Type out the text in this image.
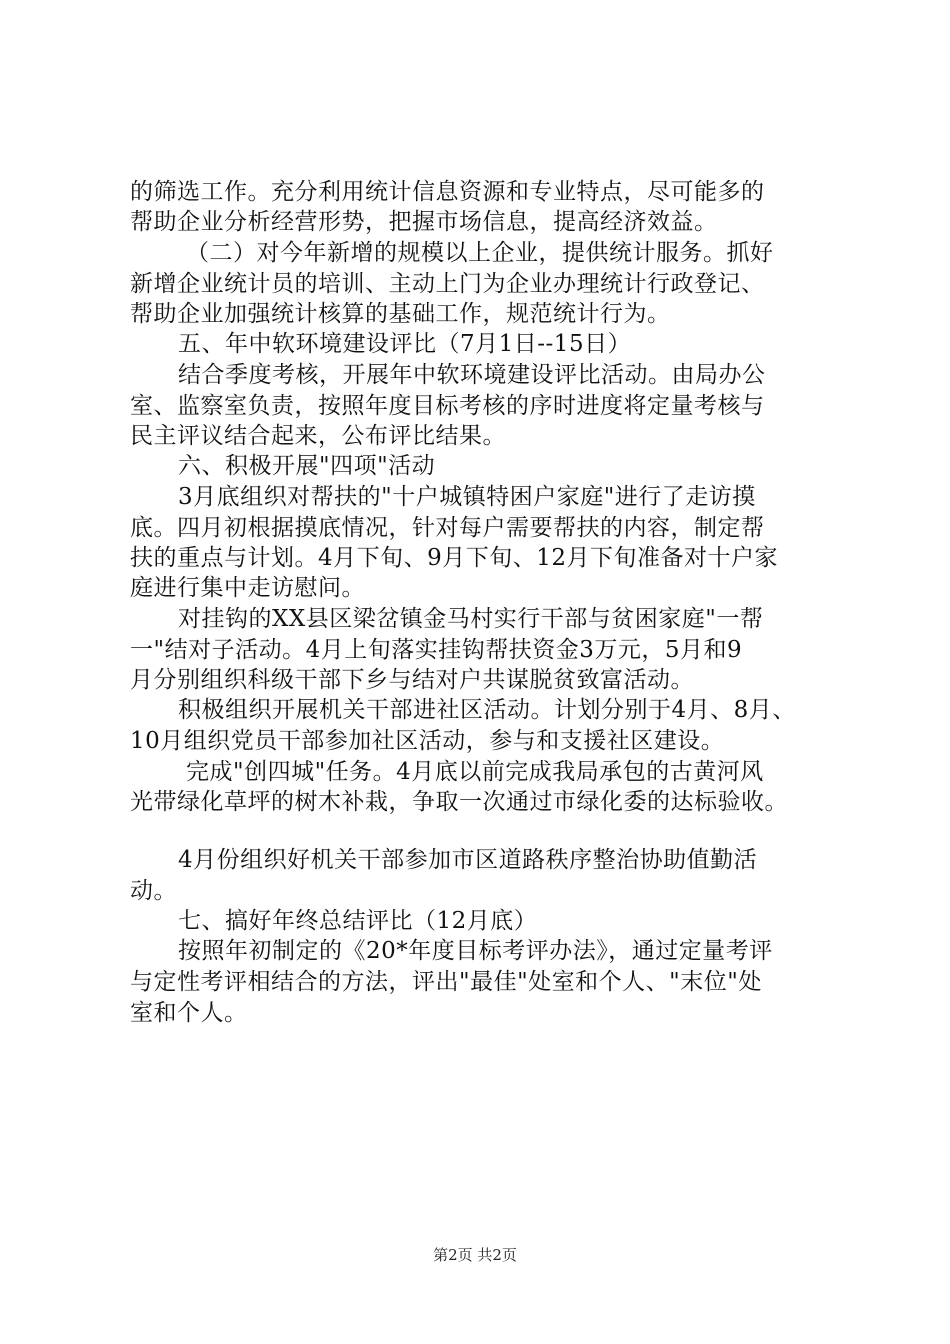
的筛选工作。充分利用统计信息资源和专业特点，尽可能多的
帮助企业分析经营形势，把握市场信息，提高经济效益。
（二）对今年新增的规模以上企业，提供统计服务。抓好
新增企业统计员的培训、主动上门为企业办理统计行政登记、
帮助企业加强统计核算的基础工作，规范统计行为。
五、年中软环境建设评比（7月1日--15日）
结合季度考核，开展年中软环境建设评比活动。由局办公
室、监察室负责，按照年度目标考核的序时进度将定量考核与
民主评议结合起来，公布评比结果。
六、积极开展"四项"活动
3月底组织对帮扶的"十户城镇特困户家庭"进行了走访摸
底。四月初根据摸底情况，针对每户需要帮扶的内容，制定帮
扶的重点与计划。4月下旬、9月下旬、12月下旬准备对十户家
庭进行集中走访慰问。
对挂钩的XX县区梁岔镇金马村实行干部与贫困家庭"一帮
一"结对子活动。4月上旬落实挂钩帮扶资金3万元，5月和9
月分别组织科级干部下乡与结对户共谋脱贫致富活动。
积极组织开展机关干部进社区活动。计划分别于4月、8月、
10月组织党员干部参加社区活动，参与和支援社区建设。
完成"创四城"任务。4月底以前完成我局承包的古黄河风
光带绿化草坪的树木补栽，争取一次通过市绿化委的达标验收。
4月份组织好机关干部参加市区道路秩序整治协助值勤活
动。
七、搞好年终总结评比（12月底）
按照年初制定的《20*年度目标考评办法》，通过定量考评
与定性考评相结合的方法，评出"最佳"处室和个人、"末位"处
室和个人。
第2页 共2页
